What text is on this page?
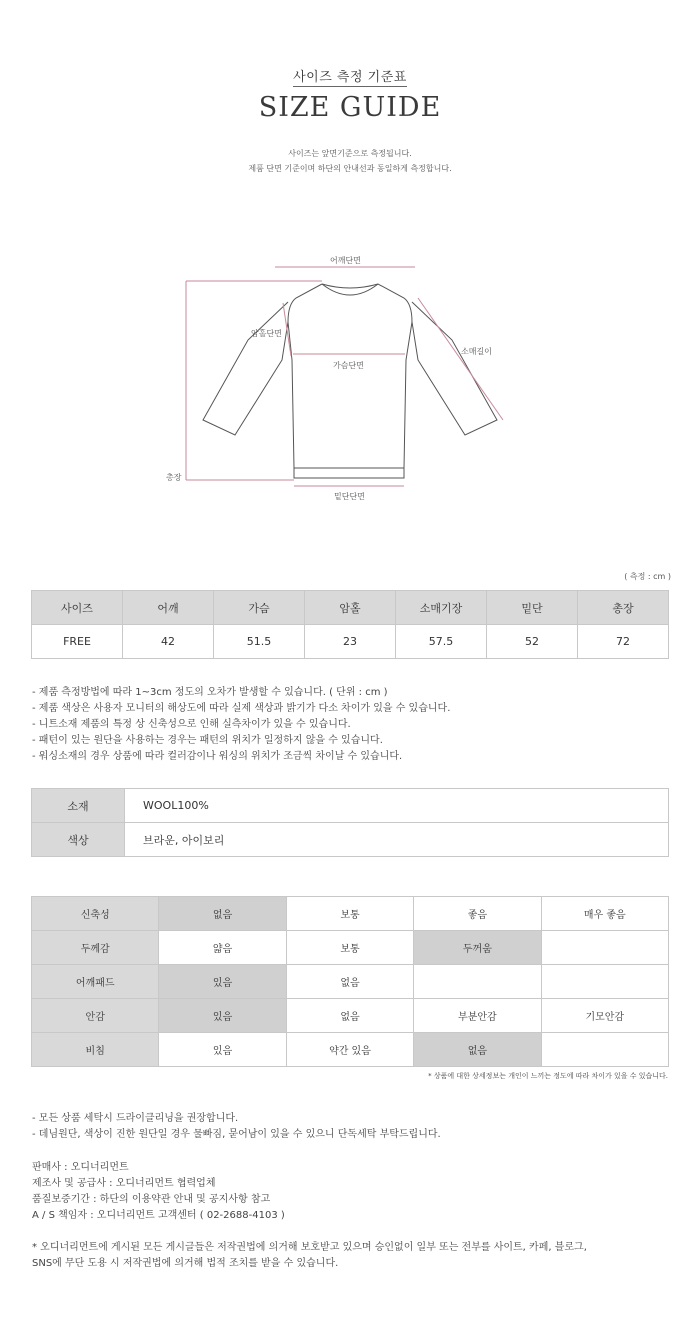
사이즈 측정 기준표
SIZE GUIDE
사이즈는 앞면기준으로 측정됩니다.
제품 단면 기준이며 하단의 안내선과 동일하게 측정합니다.
어깨단면
암홀단면
가슴단면
소매길이
총장
밑단단면
( 측정 : cm )
사이즈	어깨	가슴	암홀	소매기장	밑단	총장
FREE	42	51.5	23	57.5	52	72
- 제품 측정방법에 따라 1~3cm 정도의 오차가 발생할 수 있습니다. ( 단위 : cm )
- 제품 색상은 사용자 모니터의 해상도에 따라 실제 색상과 밝기가 다소 차이가 있을 수 있습니다.
- 니트소재 제품의 특정 상 신축성으로 인해 실측차이가 있을 수 있습니다.
- 패턴이 있는 원단을 사용하는 경우는 패턴의 위치가 일정하지 않을 수 있습니다.
- 워싱소재의 경우 상품에 따라 컬러감이나 워싱의 위치가 조금씩 차이날 수 있습니다.
소재	WOOL100%
색상	브라운, 아이보리
신축성	없음	보통	좋음	매우 좋음
두께감	얇음	보통	두꺼움	
어깨패드	있음	없음		
안감	있음	없음	부분안감	기모안감
비침	있음	약간 있음	없음	
* 상품에 대한 상세정보는 개인이 느끼는 정도에 따라 차이가 있을 수 있습니다.
- 모든 상품 세탁시 드라이클리닝을 권장합니다.
- 데님원단, 색상이 진한 원단일 경우 물빠짐, 묻어남이 있을 수 있으니 단독세탁 부탁드립니다.
판매사 : 오디너리먼트
제조사 및 공급사 : 오디너리먼트 협력업체
품질보증기간 : 하단의 이용약관 안내 및 공지사항 참고
A / S 책임자 : 오디너리먼트 고객센터 ( 02-2688-4103 )
* 오디너리먼트에 게시된 모든 게시글들은 저작권법에 의거해 보호받고 있으며 승인없이 일부 또는 전부를 사이트, 카페, 블로그,
SNS에 무단 도용 시 저작권법에 의거해 법적 조치를 받을 수 있습니다.
